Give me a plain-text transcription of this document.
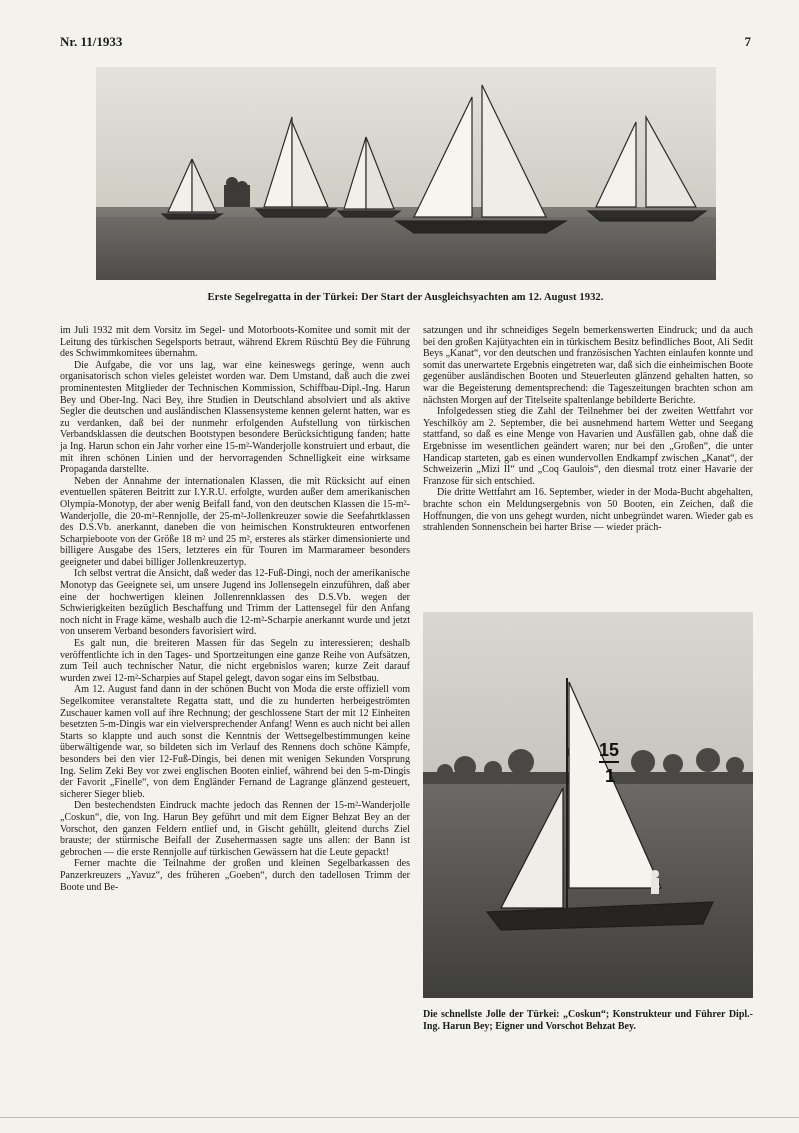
Nr. 11/1933	7
Erste Segelregatta in der Türkei: Der Start der Ausgleichsyachten am 12. August 1932.

im Juli 1932 mit dem Vorsitz im Segel- und Motorboots-Komitee und somit mit der Leitung des türkischen Segelsports betraut, während Ekrem Rüschtü Bey die Führung des Schwimmkomitees übernahm.

Die Aufgabe, die vor uns lag, war eine keineswegs geringe, wenn auch organisatorisch schon vieles geleistet worden war. Dem Umstand, daß auch die zwei prominentesten Mitglieder der Technischen Kommission, Schiffbau-Dipl.-Ing. Harun Bey und Ober-Ing. Naci Bey, ihre Studien in Deutschland absolviert und als aktive Segler die deutschen und ausländischen Klassensysteme kennen gelernt hatten, war es zu verdanken, daß bei der nunmehr erfolgenden Aufstellung von türkischen Verbandsklassen die deutschen Bootstypen besondere Berücksichtigung fanden; hatte ja Ing. Harun schon ein Jahr vorher eine 15-m²-Wanderjolle konstruiert und erbaut, die mit ihren schönen Linien und der hervorragenden Schnelligkeit eine wirksame Propaganda darstellte.

Neben der Annahme der internationalen Klassen, die mit Rücksicht auf einen eventuellen späteren Beitritt zur I.Y.R.U. erfolgte, wurden außer dem amerikanischen Olympia-Monotyp, der aber wenig Beifall fand, von den deutschen Klassen die 15-m²-Wanderjolle, die 20-m²-Rennjolle, der 25-m²-Jollenkreuzer sowie die Seefahrtklassen des D.S.Vb. anerkannt, daneben die von heimischen Konstrukteuren entworfenen Scharpieboote von der Größe 18 m² und 25 m², ersteres als stärker dimensionierte und billigere Ausgabe des 15ers, letzteres ein für Touren im Marmarameer besonders geeigneter und dabei billiger Jollenkreuzertyp.

Ich selbst vertrat die Ansicht, daß weder das 12-Fuß-Dingi, noch der amerikanische Monotyp das Geeignete sei, um unsere Jugend ins Jollensegeln einzuführen, daß aber eine der hochwertigen kleinen Jollenrennklassen des D.S.Vb. wegen der Schwierigkeiten bezüglich Beschaffung und Trimm der Lattensegel für den Anfang noch nicht in Frage käme, weshalb auch die 12-m²-Scharpie anerkannt wurde und jetzt von unserem Verband besonders favorisiert wird.

Es galt nun, die breiteren Massen für das Segeln zu interessieren; deshalb veröffentlichte ich in den Tages- und Sportzeitungen eine ganze Reihe von Aufsätzen, zum Teil auch technischer Natur, die nicht ergebnislos waren; kurze Zeit darauf wurden zwei 12-m²-Scharpies auf Stapel gelegt, davon sogar eins im Selbstbau.

Am 12. August fand dann in der schönen Bucht von Moda die erste offiziell vom Segelkomitee veranstaltete Regatta statt, und die zu hunderten herbeigeströmten Zuschauer kamen voll auf ihre Rechnung; der geschlossene Start der mit 12 Einheiten besetzten 5-m-Dingis war ein vielversprechender Anfang! Wenn es auch nicht bei allen Starts so klappte und auch sonst die Kenntnis der Wettsegelbestimmungen keine überwältigende war, so bildeten sich im Verlauf des Rennens doch schöne Kämpfe, besonders bei den vier 12-Fuß-Dingis, bei denen mit wenigen Sekunden Vorsprung Ing. Selim Zeki Bey vor zwei englischen Booten einlief, während bei den 5-m-Dingis der Favorit „Finelle“, von dem Engländer Fernand de Lagrange glänzend gesteuert, sicherer Sieger blieb.

Den bestechendsten Eindruck machte jedoch das Rennen der 15-m²-Wanderjolle „Coskun“, die, von Ing. Harun Bey geführt und mit dem Eigner Behzat Bey an der Vorschot, den ganzen Feldern entlief und, in Gischt gehüllt, gleitend durchs Ziel brauste; der stürmische Beifall der Zusehermassen sagte uns allen: der Bann ist gebrochen — die erste Rennjolle auf türkischen Gewässern hat die Leute gepackt!

Ferner machte die Teilnahme der großen und kleinen Segelbarkassen des Panzerkreuzers „Yavuz“, des früheren „Goeben“, durch den tadellosen Trimm der Boote und Be-

satzungen und ihr schneidiges Segeln bemerkenswerten Eindruck; und da auch bei den großen Kajütyachten ein in türkischem Besitz befindliches Boot, Ali Sedit Beys „Kanat“, vor den deutschen und französischen Yachten einlaufen konnte und somit das unerwartete Ergebnis eingetreten war, daß sich die einheimischen Boote gegenüber ausländischen Booten und Steuerleuten glänzend gehalten hatten, so war die Begeisterung dementsprechend: die Tageszeitungen brachten schon am nächsten Morgen auf der Titelseite spaltenlange bebilderte Berichte.

Infolgedessen stieg die Zahl der Teilnehmer bei der zweiten Wettfahrt vor Yeschilköy am 2. September, die bei ausnehmend hartem Wetter und Seegang stattfand, so daß es eine Menge von Havarien und Ausfällen gab, ohne daß die Ergebnisse im wesentlichen geändert waren; nur bei den „Großen“, die unter Handicap starteten, gab es einen wundervollen Endkampf zwischen „Kanat“, der Schweizerin „Mizi II“ und „Coq Gaulois“, den diesmal trotz einer Havarie der Franzose für sich entschied.

Die dritte Wettfahrt am 16. September, wieder in der Moda-Bucht abgehalten, brachte schon ein Meldungsergebnis von 50 Booten, ein Zeichen, daß die Hoffnungen, die von uns gehegt wurden, nicht unbegründet waren. Wieder gab es strahlenden Sonnenschein bei harter Brise — wieder präch-

15
1
Die schnellste Jolle der Türkei: „Coskun“; Konstrukteur und Führer Dipl.-Ing. Harun Bey; Eigner und Vorschot Behzat Bey.
